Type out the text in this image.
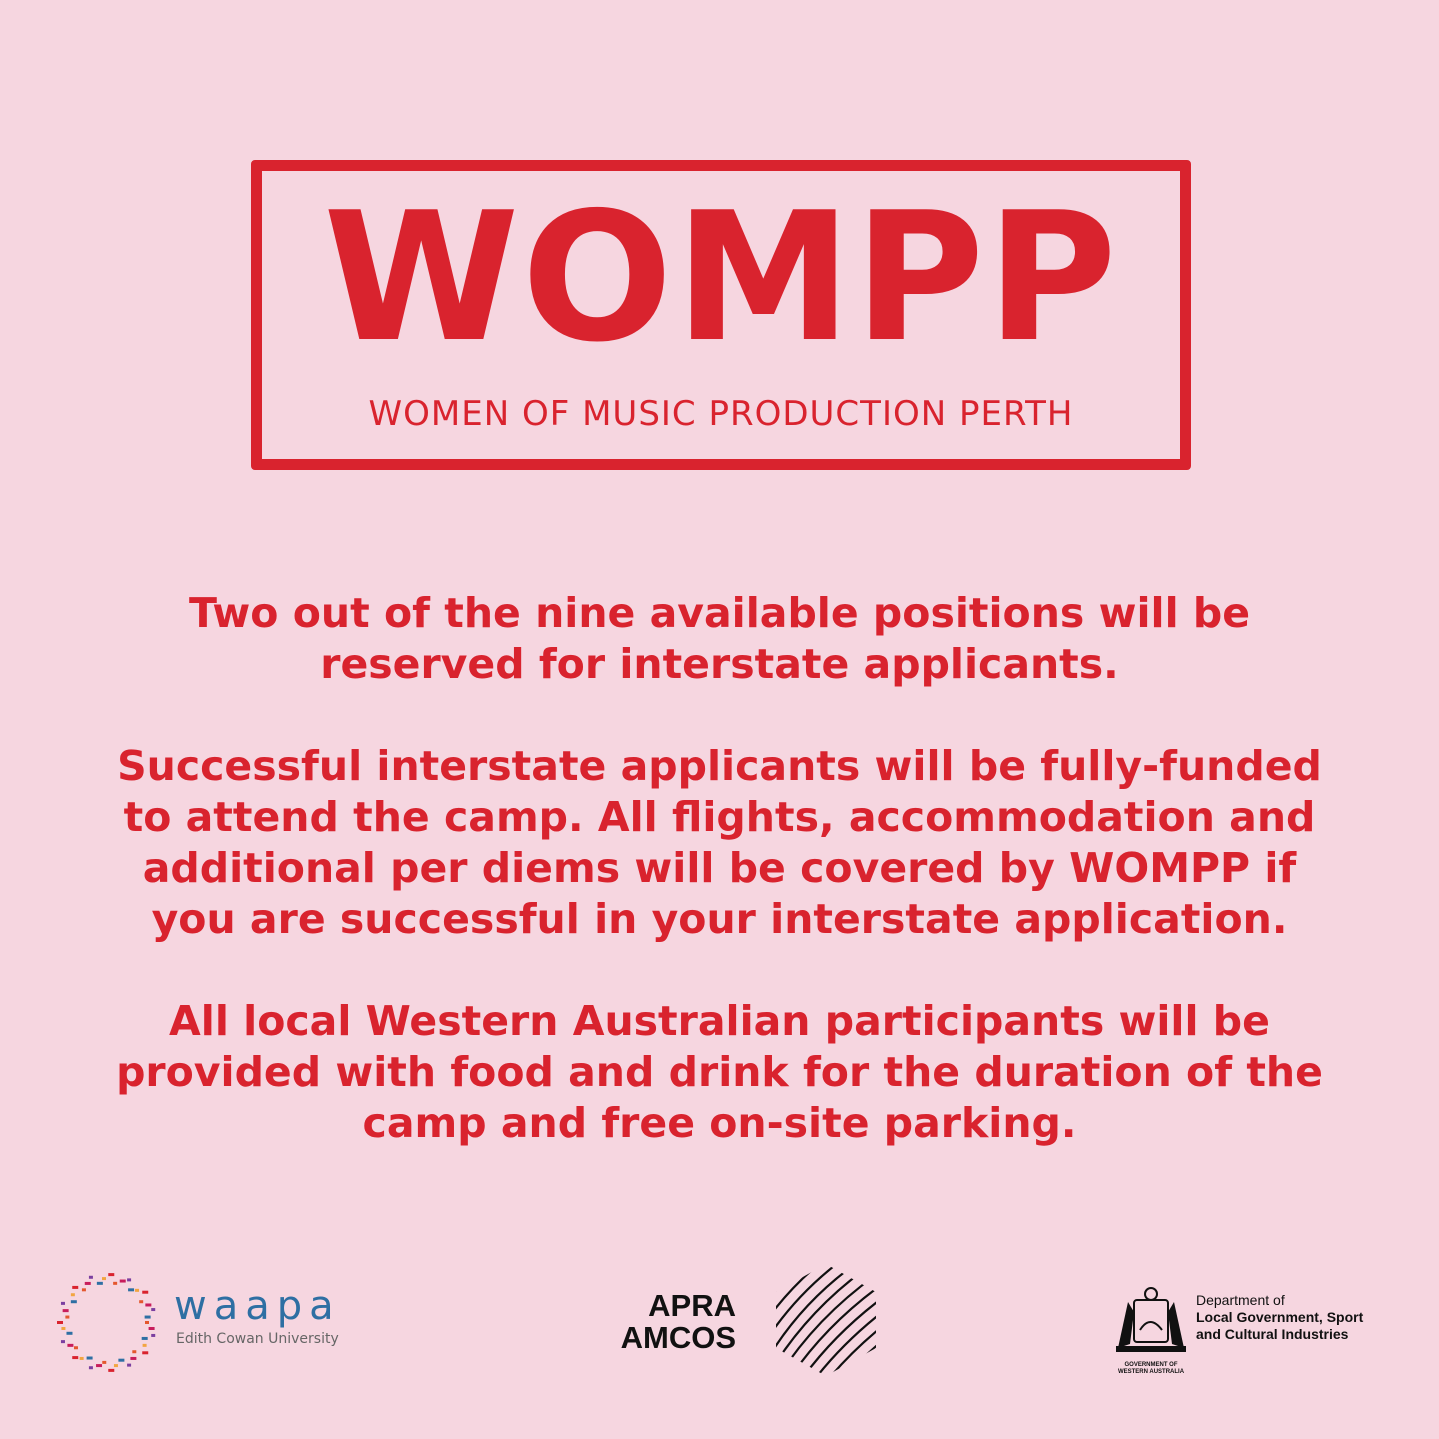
WOMPP
WOMEN OF MUSIC PRODUCTION PERTH

Two out of the nine available positions will be reserved for interstate applicants.

Successful interstate applicants will be fully-funded to attend the camp. All flights, accommodation and additional per diems will be covered by WOMPP if you are successful in your interstate application.

All local Western Australian participants will be provided with food and drink for the duration of the camp and free on-site parking.

waapa
Edith Cowan University
APRA
AMCOS
GOVERNMENT OF
WESTERN AUSTRALIA
Department of
Local Government, Sport
and Cultural Industries
